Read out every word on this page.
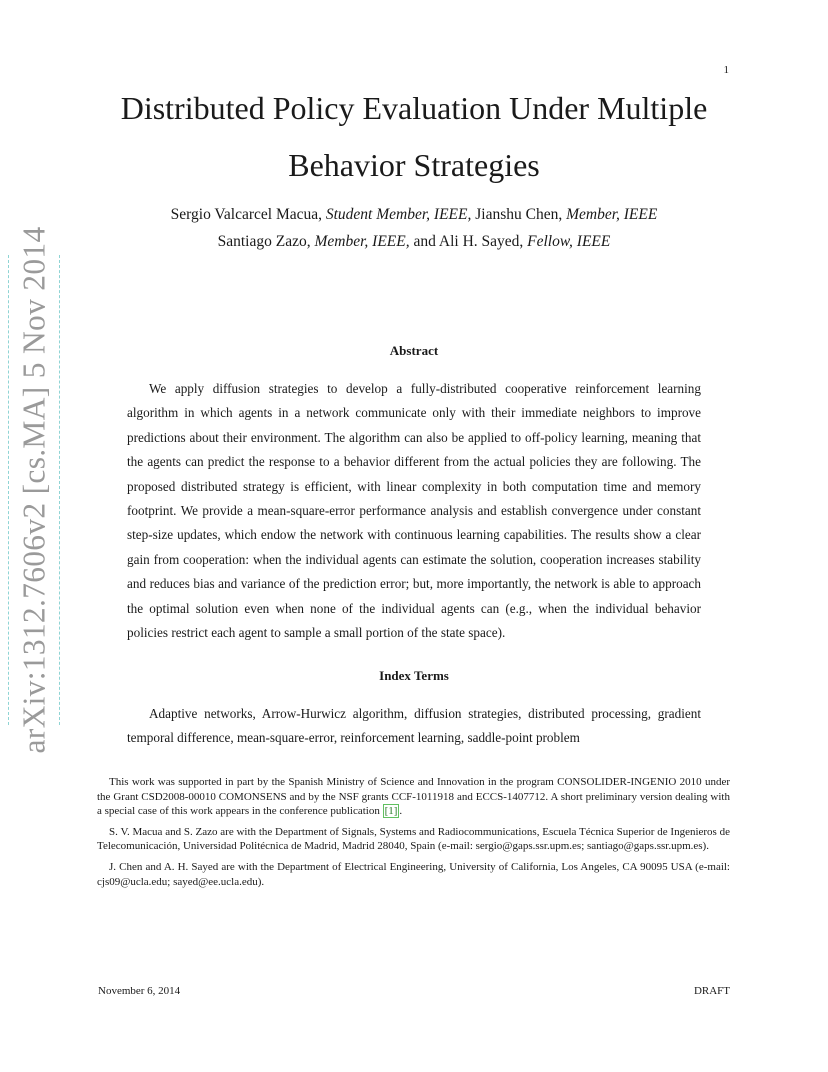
1
arXiv:1312.7606v2 [cs.MA] 5 Nov 2014
Distributed Policy Evaluation Under Multiple
Behavior Strategies
Sergio Valcarcel Macua, Student Member, IEEE, Jianshu Chen, Member, IEEE
Santiago Zazo, Member, IEEE, and Ali H. Sayed, Fellow, IEEE
Abstract

We apply diffusion strategies to develop a fully-distributed cooperative reinforcement learning algorithm in which agents in a network communicate only with their immediate neighbors to improve predictions about their environment. The algorithm can also be applied to off-policy learning, meaning that the agents can predict the response to a behavior different from the actual policies they are following. The proposed distributed strategy is efficient, with linear complexity in both computation time and memory footprint. We provide a mean-square-error performance analysis and establish convergence under constant step-size updates, which endow the network with continuous learning capabilities. The results show a clear gain from cooperation: when the individual agents can estimate the solution, cooperation increases stability and reduces bias and variance of the prediction error; but, more importantly, the network is able to approach the optimal solution even when none of the individual agents can (e.g., when the individual behavior policies restrict each agent to sample a small portion of the state space).

Index Terms

Adaptive networks, Arrow-Hurwicz algorithm, diffusion strategies, distributed processing, gradient temporal difference, mean-square-error, reinforcement learning, saddle-point problem

This work was supported in part by the Spanish Ministry of Science and Innovation in the program CONSOLIDER-INGENIO 2010 under the Grant CSD2008-00010 COMONSENS and by the NSF grants CCF-1011918 and ECCS-1407712. A short preliminary version dealing with a special case of this work appears in the conference publication [1] .

S. V. Macua and S. Zazo are with the Department of Signals, Systems and Radiocommunications, Escuela Técnica Superior de Ingenieros de Telecomunicación, Universidad Politécnica de Madrid, Madrid 28040, Spain (e-mail: sergio@gaps.ssr.upm.es; santiago@gaps.ssr.upm.es).

J. Chen and A. H. Sayed are with the Department of Electrical Engineering, University of California, Los Angeles, CA 90095 USA (e-mail: cjs09@ucla.edu; sayed@ee.ucla.edu).

November 6, 2014	DRAFT
